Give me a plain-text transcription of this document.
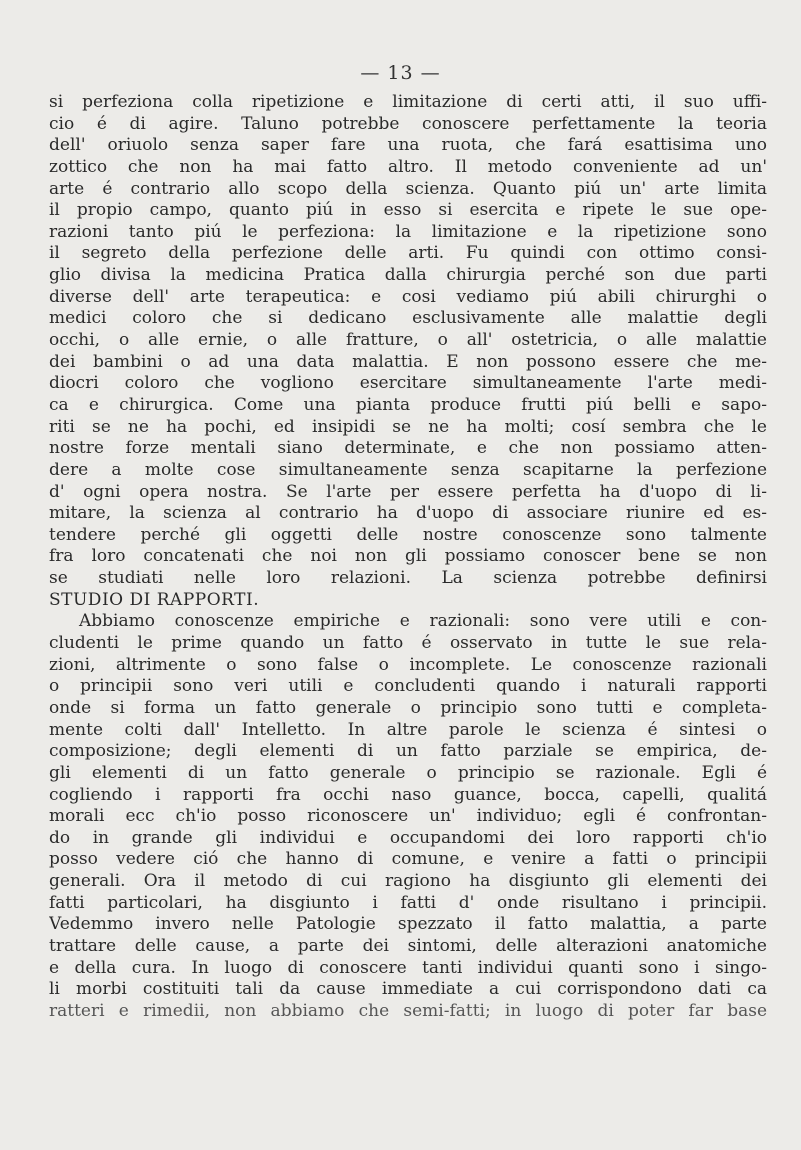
— 13 —
si perfeziona colla ripetizione e limitazione di certi atti, il suo uffi-
cio é di agire. Taluno potrebbe conoscere perfettamente la teoria
dell' oriuolo senza saper fare una ruota, che fará esattisima uno
zottico che non ha mai fatto altro. Il metodo conveniente ad un'
arte é contrario allo scopo della scienza. Quanto piú un' arte limita
il propio campo, quanto piú in esso si esercita e ripete le sue ope-
razioni tanto piú le perfeziona: la limitazione e la ripetizione sono
il segreto della perfezione delle arti. Fu quindi con ottimo consi-
glio divisa la medicina Pratica dalla chirurgia perché son due parti
diverse dell' arte terapeutica: e cosi vediamo piú abili chirurghi o
medici coloro che si dedicano esclusivamente alle malattie degli
occhi, o alle ernie, o alle fratture, o all' ostetricia, o alle malattie
dei bambini o ad una data malattia. E non possono essere che me-
diocri coloro che vogliono esercitare simultaneamente l'arte medi-
ca e chirurgica. Come una pianta produce frutti piú belli e sapo-
riti se ne ha pochi, ed insipidi se ne ha molti; cosí sembra che le
nostre forze mentali siano determinate, e che non possiamo atten-
dere a molte cose simultaneamente senza scapitarne la perfezione
d' ogni opera nostra. Se l'arte per essere perfetta ha d'uopo di li-
mitare, la scienza al contrario ha d'uopo di associare riunire ed es-
tendere perché gli oggetti delle nostre conoscenze sono talmente
fra loro concatenati che noi non gli possiamo conoscer bene se non
se studiati nelle loro relazioni. La scienza potrebbe definirsi
STUDIO DI RAPPORTI.
Abbiamo conoscenze empiriche e razionali: sono vere utili e con-
cludenti le prime quando un fatto é osservato in tutte le sue rela-
zioni, altrimente o sono false o incomplete. Le conoscenze razionali
o principii sono veri utili e concludenti quando i naturali rapporti
onde si forma un fatto generale o principio sono tutti e completa-
mente colti dall' Intelletto. In altre parole le scienza é sintesi o
composizione; degli elementi di un fatto parziale se empirica, de-
gli elementi di un fatto generale o principio se razionale. Egli é
cogliendo i rapporti fra occhi naso guance, bocca, capelli, qualitá
morali ecc ch'io posso riconoscere un' individuo; egli é confrontan-
do in grande gli individui e occupandomi dei loro rapporti ch'io
posso vedere ció che hanno di comune, e venire a fatti o principii
generali. Ora il metodo di cui ragiono ha disgiunto gli elementi dei
fatti particolari, ha disgiunto i fatti d' onde risultano i principii.
Vedemmo invero nelle Patologie spezzato il fatto malattia, a parte
trattare delle cause, a parte dei sintomi, delle alterazioni anatomiche
e della cura. In luogo di conoscere tanti individui quanti sono i singo-
li morbi costituiti tali da cause immediate a cui corrispondono dati ca
ratteri e rimedii, non abbiamo che semi-fatti; in luogo di poter far base
